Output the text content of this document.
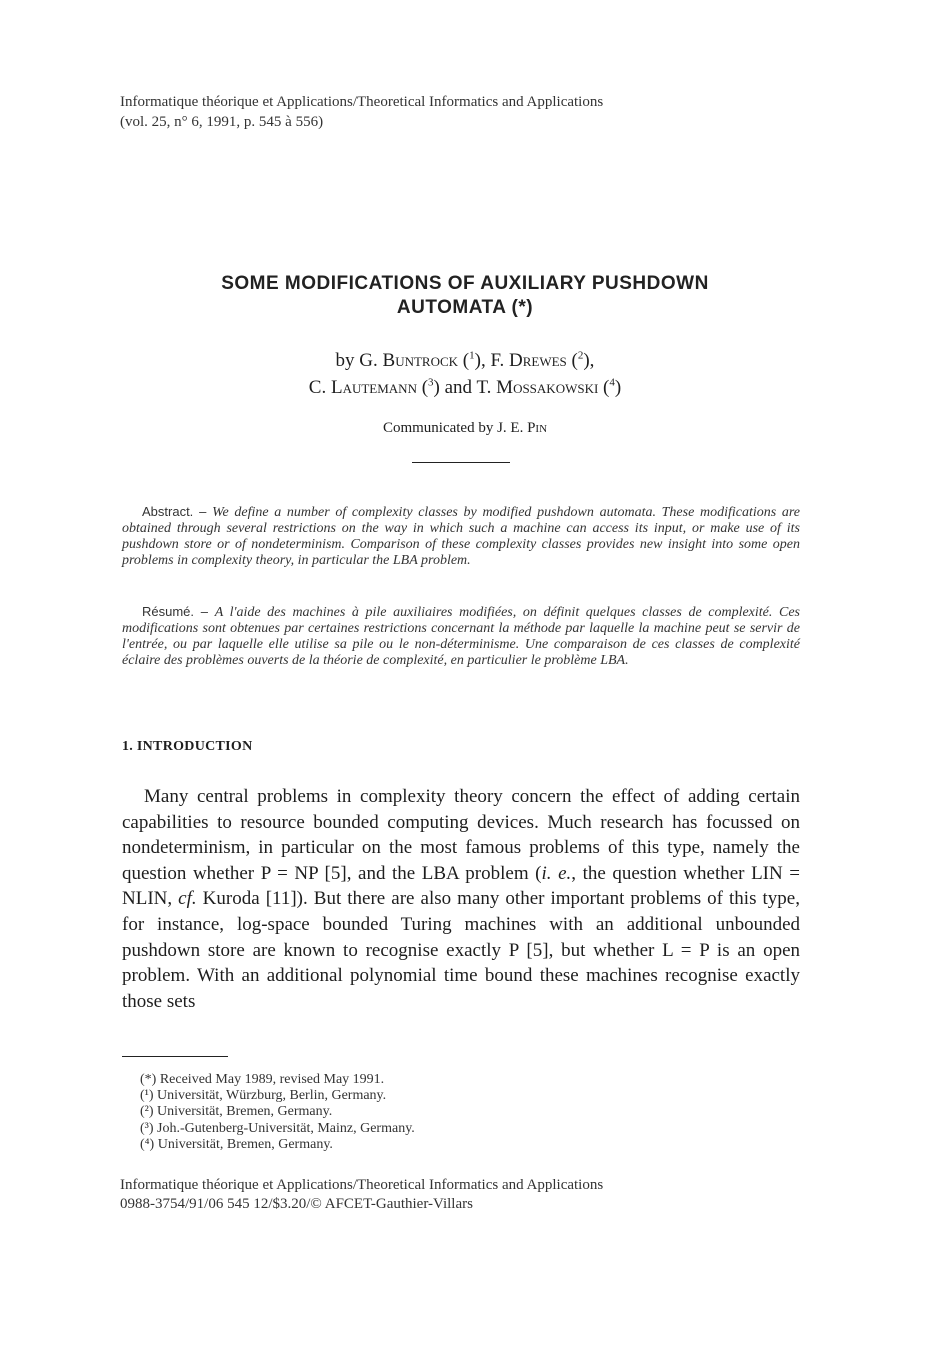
Informatique théorique et Applications/Theoretical Informatics and Applications
(vol. 25, n° 6, 1991, p. 545 à 556)
SOME MODIFICATIONS OF AUXILIARY PUSHDOWN
AUTOMATA (*)
by G. Buntrock ($^1$), F. Drewes ($^2$),
C. Lautemann ($^3$) and T. Mossakowski ($^4$)
Communicated by J. E. Pin
Abstract. – We define a number of complexity classes by modified pushdown automata. These modifications are obtained through several restrictions on the way in which such a machine can access its input, or make use of its pushdown store or of nondeterminism. Comparison of these complexity classes provides new insight into some open problems in complexity theory, in particular the LBA problem.
Résumé. – A l'aide des machines à pile auxiliaires modifiées, on définit quelques classes de complexité. Ces modifications sont obtenues par certaines restrictions concernant la méthode par laquelle la machine peut se servir de l'entrée, ou par laquelle elle utilise sa pile ou le non-déterminisme. Une comparaison de ces classes de complexité éclaire des problèmes ouverts de la théorie de complexité, en particulier le problème LBA.
1. INTRODUCTION
Many central problems in complexity theory concern the effect of adding certain capabilities to resource bounded computing devices. Much research has focussed on nondeterminism, in particular on the most famous problems of this type, namely the question whether P = NP [5], and the LBA problem (i. e., the question whether LIN = NLIN, cf. Kuroda [11]). But there are also many other important problems of this type, for instance, log-space bounded Turing machines with an additional unbounded pushdown store are known to recognise exactly P [5], but whether L = P is an open problem. With an additional polynomial time bound these machines recognise exactly those sets
(*) Received May 1989, revised May 1991.
(¹) Universität, Würzburg, Berlin, Germany.
(²) Universität, Bremen, Germany.
(³) Joh.-Gutenberg-Universität, Mainz, Germany.
(⁴) Universität, Bremen, Germany.
Informatique théorique et Applications/Theoretical Informatics and Applications
0988-3754/91/06 545 12/$3.20/© AFCET-Gauthier-Villars
